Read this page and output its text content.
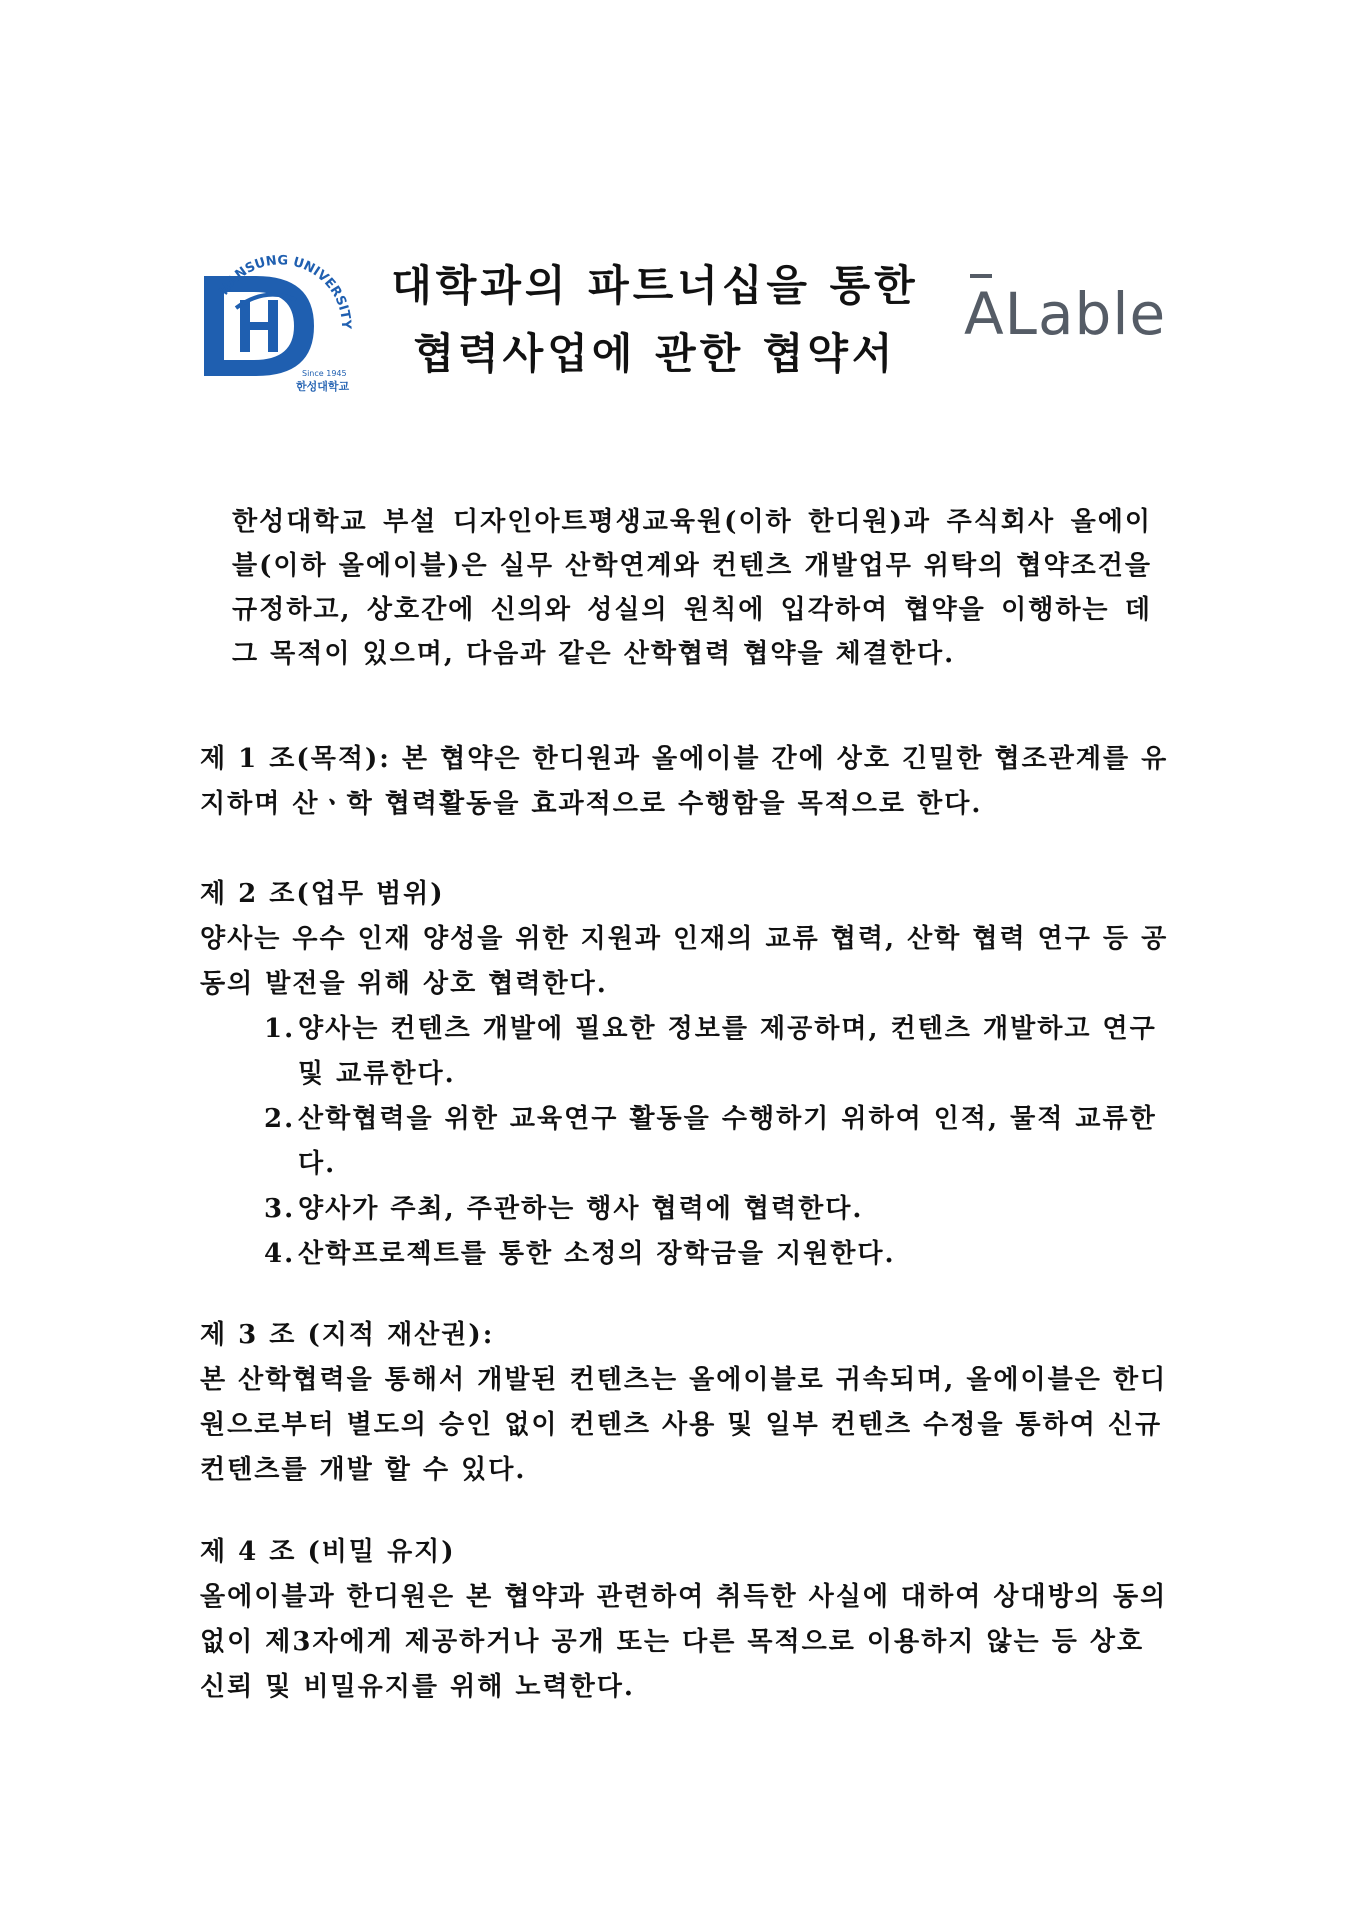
HANSUNG UNIVERSITY
Since 1945
한성대학교
대학과의 파트너십을 통한
협력사업에 관한 협약서
ALable
한성대학교 부설 디자인아트평생교육원(이하 한디원)과 주식회사 올에이블(이하 올에이블)은 실무 산학연계와 컨텐츠 개발업무 위탁의 협약조건을 규정하고, 상호간에 신의와 성실의 원칙에 입각하여 협약을 이행하는 데 그 목적이 있으며, 다음과 같은 산학협력 협약을 체결한다.

제 1 조(목적): 본 협약은 한디원과 올에이블 간에 상호 긴밀한 협조관계를 유지하며 산ㆍ학 협력활동을 효과적으로 수행함을 목적으로 한다.

제 2 조(업무 범위)

양사는 우수 인재 양성을 위한 지원과 인재의 교류 협력, 산학 협력 연구 등 공동의 발전을 위해 상호 협력한다.

1. 양사는 컨텐츠 개발에 필요한 정보를 제공하며, 컨텐츠 개발하고 연구 및 교류한다.
2. 산학협력을 위한 교육연구 활동을 수행하기 위하여 인적, 물적 교류한다.
3. 양사가 주최, 주관하는 행사 협력에 협력한다.
4. 산학프로젝트를 통한 소정의 장학금을 지원한다.
제 3 조 (지적 재산권):

본 산학협력을 통해서 개발된 컨텐츠는 올에이블로 귀속되며, 올에이블은 한디원으로부터 별도의 승인 없이 컨텐츠 사용 및 일부 컨텐츠 수정을 통하여 신규 컨텐츠를 개발 할 수 있다.

제 4 조 (비밀 유지)

올에이블과 한디원은 본 협약과 관련하여 취득한 사실에 대하여 상대방의 동의 없이 제3자에게 제공하거나 공개 또는 다른 목적으로 이용하지 않는 등 상호 신뢰 및 비밀유지를 위해 노력한다.
